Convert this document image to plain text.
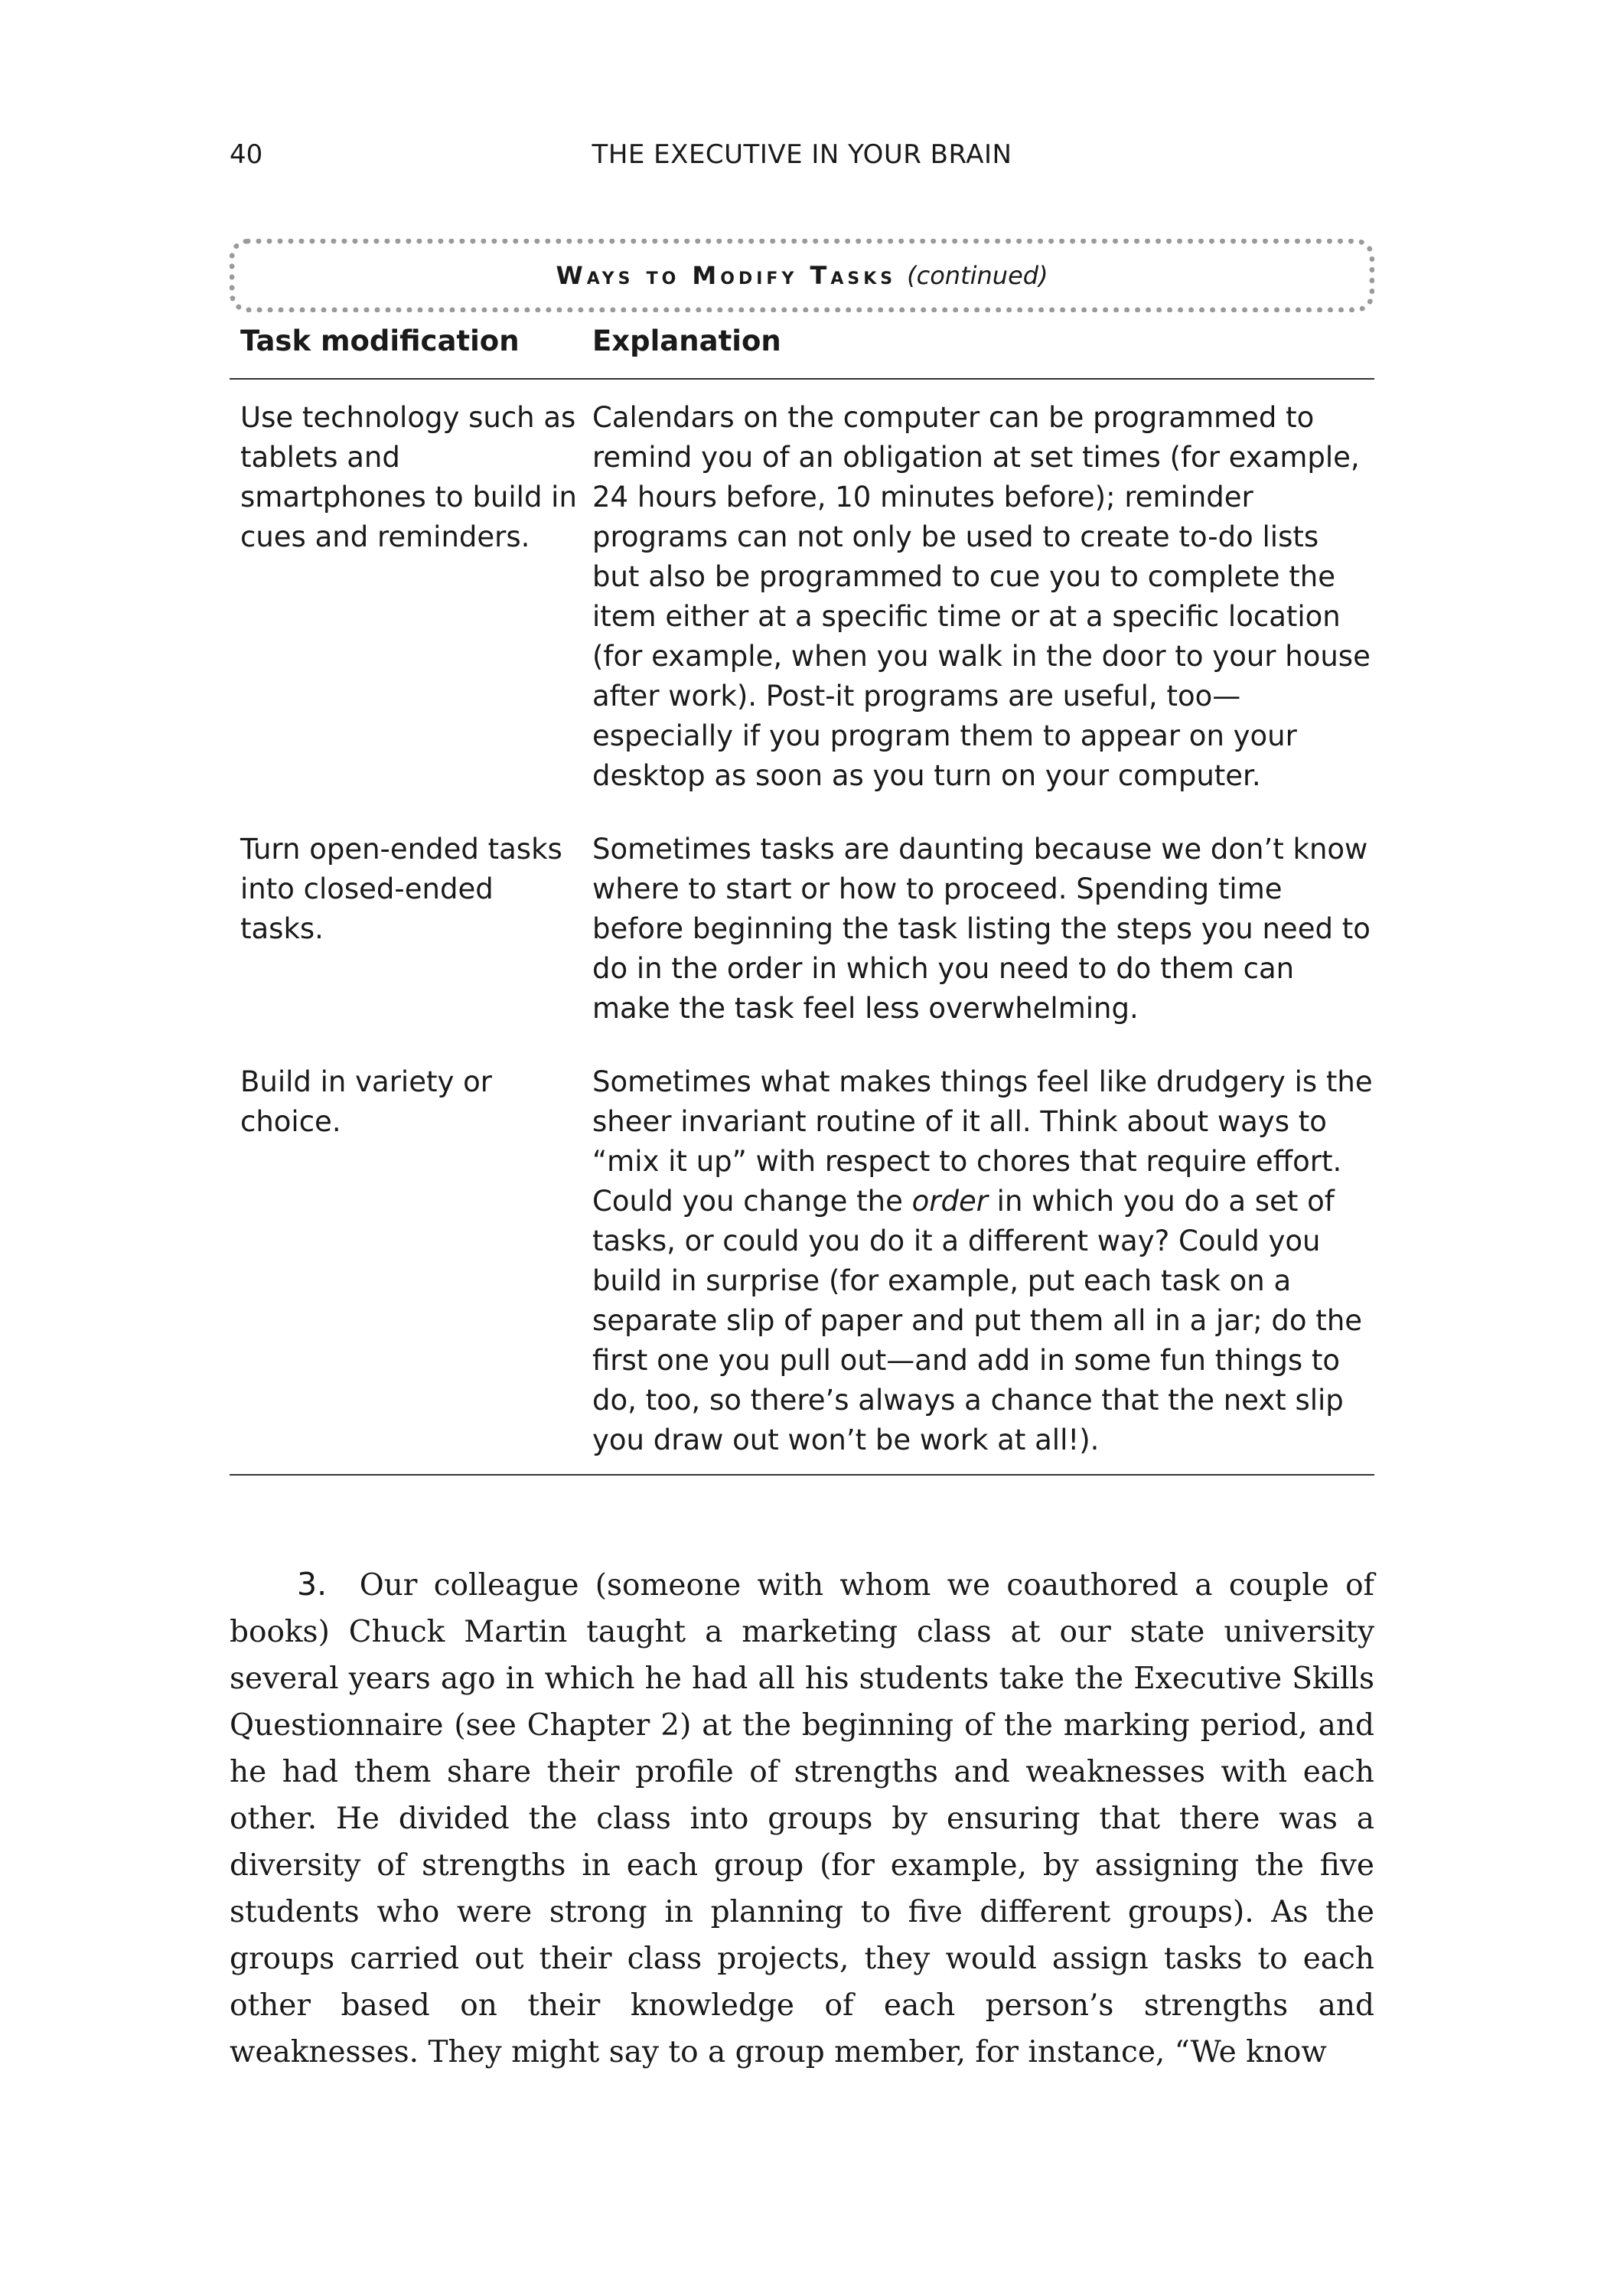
40	THE EXECUTIVE IN YOUR BRAIN
Ways to Modify Tasks (continued)
Task modification	Explanation
Use technology such as tablets and smartphones to build in cues and reminders.	Calendars on the computer can be programmed to remind you of an obligation at set times (for example, 24 hours before, 10 minutes before); reminder programs can not only be used to create to-do lists but also be programmed to cue you to complete the item either at a specific time or at a specific location (for example, when you walk in the door to your house after work). Post-it programs are useful, too—especially if you program them to appear on your desktop as soon as you turn on your computer.
Turn open-ended tasks into closed-ended tasks.	Sometimes tasks are daunting because we don’t know where to start or how to proceed. Spending time before beginning the task listing the steps you need to do in the order in which you need to do them can make the task feel less overwhelming.
Build in variety or choice.	Sometimes what makes things feel like drudgery is the sheer invariant routine of it all. Think about ways to “mix it up” with respect to chores that require effort. Could you change the order in which you do a set of tasks, or could you do it a different way? Could you build in surprise (for example, put each task on a separate slip of paper and put them all in a jar; do the first one you pull out—and add in some fun things to do, too, so there’s always a chance that the next slip you draw out won’t be work at all!).

3. Our colleague (someone with whom we coauthored a couple of books) Chuck Martin taught a marketing class at our state university several years ago in which he had all his students take the Executive Skills Questionnaire (see Chapter 2) at the beginning of the marking period, and he had them share their profile of strengths and weaknesses with each other. He divided the class into groups by ensuring that there was a diversity of strengths in each group (for example, by assigning the five students who were strong in planning to five different groups). As the groups carried out their class projects, they would assign tasks to each other based on their knowledge of each person’s strengths and weaknesses. They might say to a group member, for instance, “We know
